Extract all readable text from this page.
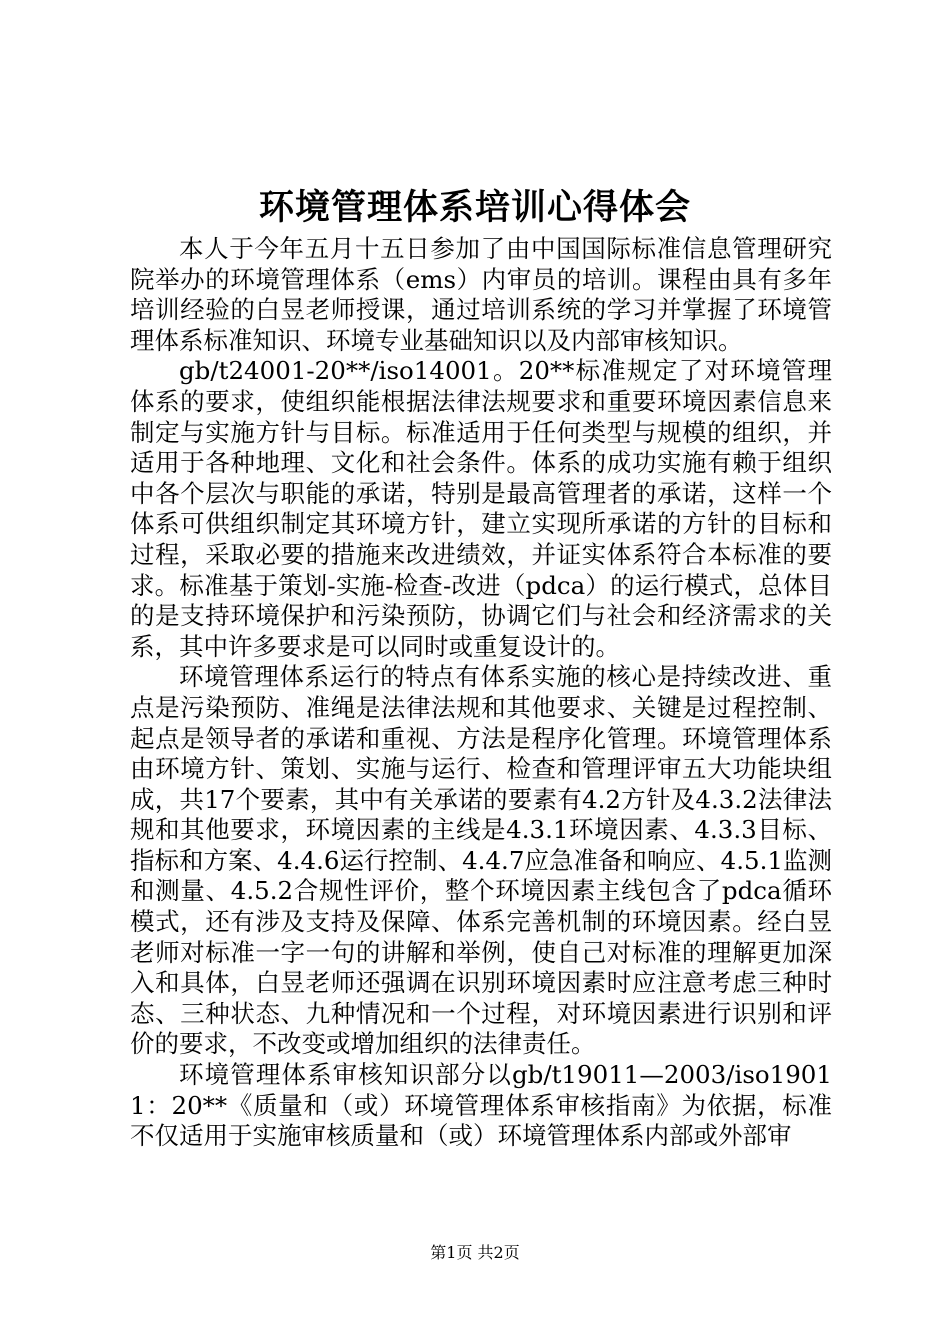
环境管理体系培训心得体会

本人于今年五月十五日参加了由中国国际标准信息管理研究院举办的环境管理体系（ems）内审员的培训。课程由具有多年培训经验的白昱老师授课，通过培训系统的学习并掌握了环境管理体系标准知识、环境专业基础知识以及内部审核知识。

gb/t24001-20**/iso14001。20**标准规定了对环境管理体系的要求，使组织能根据法律法规要求和重要环境因素信息来制定与实施方针与目标。标准适用于任何类型与规模的组织，并适用于各种地理、文化和社会条件。体系的成功实施有赖于组织中各个层次与职能的承诺，特别是最高管理者的承诺，这样一个体系可供组织制定其环境方针，建立实现所承诺的方针的目标和过程，采取必要的措施来改进绩效，并证实体系符合本标准的要求。标准基于策划-实施-检查-改进（pdca）的运行模式，总体目的是支持环境保护和污染预防，协调它们与社会和经济需求的关系，其中许多要求是可以同时或重复设计的。

环境管理体系运行的特点有体系实施的核心是持续改进、重点是污染预防、准绳是法律法规和其他要求、关键是过程控制、起点是领导者的承诺和重视、方法是程序化管理。环境管理体系由环境方针、策划、实施与运行、检查和管理评审五大功能块组成，共17个要素，其中有关承诺的要素有4.2方针及4.3.2法律法规和其他要求，环境因素的主线是4.3.1环境因素、4.3.3目标、指标和方案、4.4.6运行控制、4.4.7应急准备和响应、4.5.1监测和测量、4.5.2合规性评价，整个环境因素主线包含了pdca循环模式，还有涉及支持及保障、体系完善机制的环境因素。经白昱老师对标准一字一句的讲解和举例，使自己对标准的理解更加深入和具体，白昱老师还强调在识别环境因素时应注意考虑三种时态、三种状态、九种情况和一个过程，对环境因素进行识别和评价的要求，不改变或增加组织的法律责任。

环境管理体系审核知识部分以gb/t19011—2003/iso19011：20**《质量和（或）环境管理体系审核指南》为依据，标准不仅适用于实施审核质量和（或）环境管理体系内部或外部审

第1页 共2页
